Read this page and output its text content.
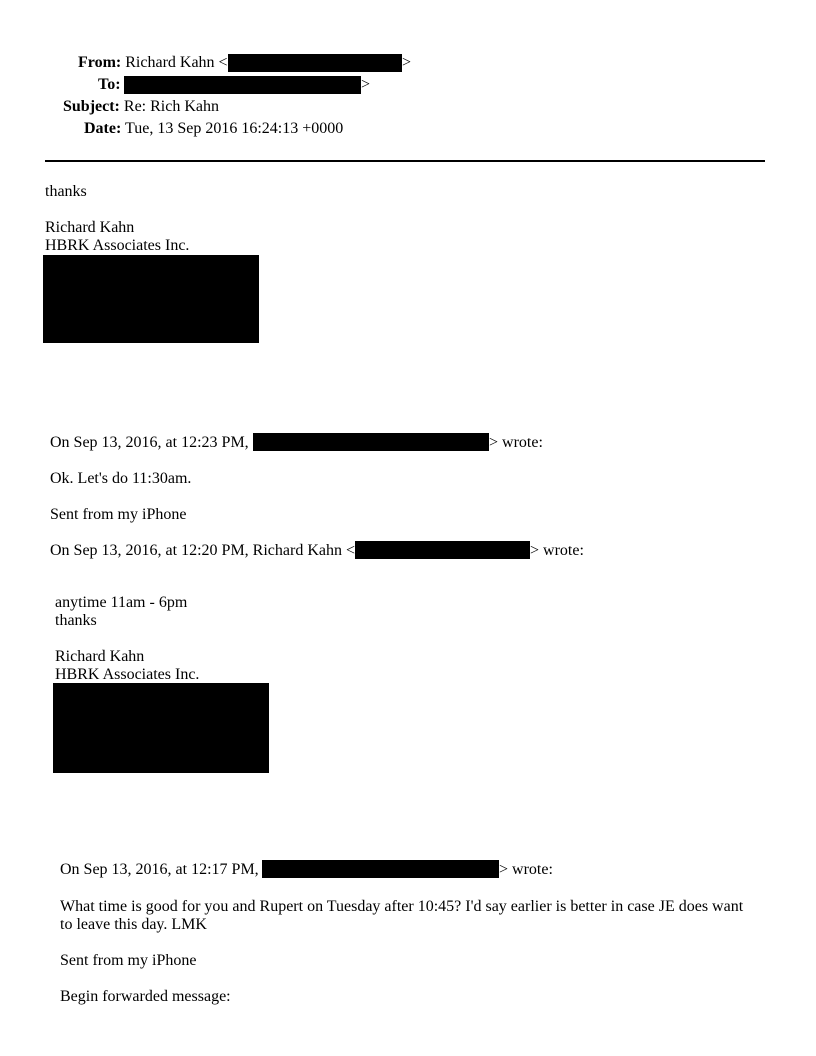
From: Richard Kahn <	>
To:	>
Subject: Re: Rich Kahn
Date: Tue, 13 Sep 2016 16:24:13 +0000
thanks
Richard Kahn
HBRK Associates Inc.
On Sep 13, 2016, at 12:23 PM,	> wrote:
Ok. Let's do 11:30am.
Sent from my iPhone
On Sep 13, 2016, at 12:20 PM, Richard Kahn <	> wrote:
anytime 11am - 6pm
thanks
Richard Kahn
HBRK Associates Inc.
On Sep 13, 2016, at 12:17 PM,	> wrote:
What time is good for you and Rupert on Tuesday after 10:45? I'd say earlier is better in case JE does want
to leave this day. LMK
Sent from my iPhone
Begin forwarded message:
